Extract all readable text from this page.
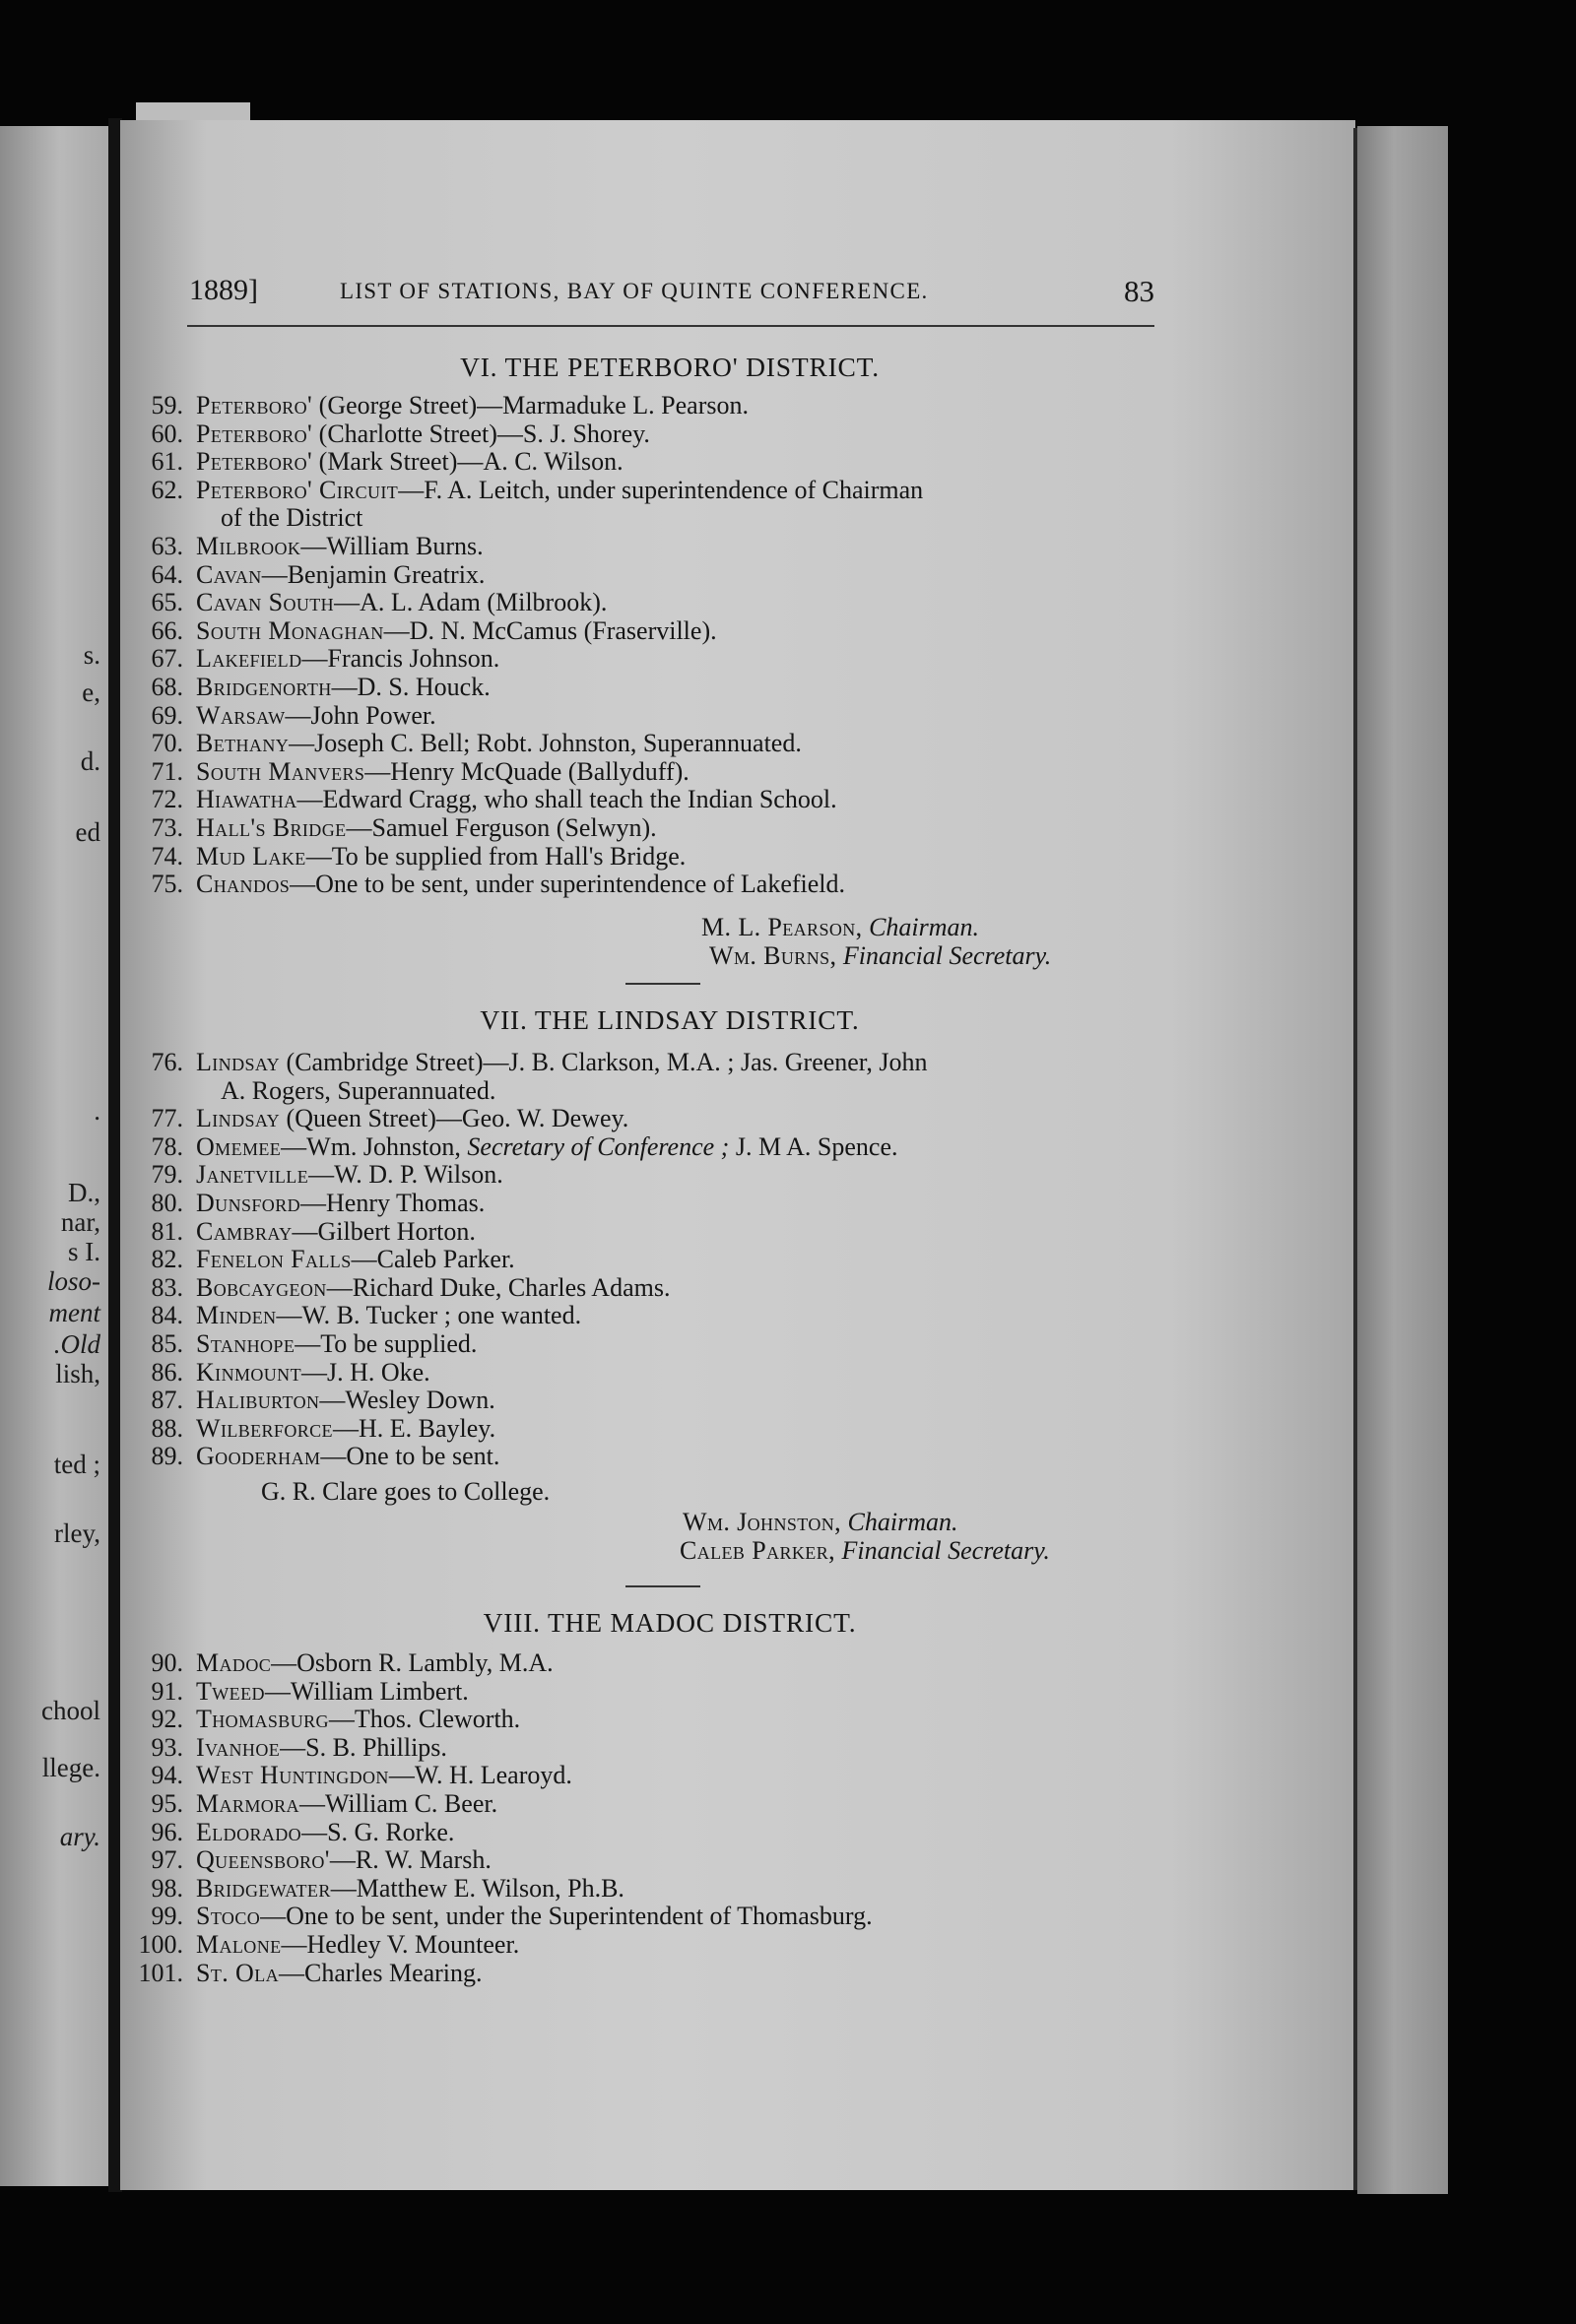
s.
e,
d.
ed
.
D.,
nar,
s I.
loso-
ment
.Old
lish,
ted ;
rley,
chool
llege.
ary.
1889]	LIST OF STATIONS, BAY OF QUINTE CONFERENCE.	83
VI. THE PETERBORO' DISTRICT.
59. Peterboro' (George Street)—Marmaduke L. Pearson.
60. Peterboro' (Charlotte Street)—S. J. Shorey.
61. Peterboro' (Mark Street)—A. C. Wilson.
62. Peterboro' Circuit—F. A. Leitch, under superintendence of Chairman
of the District
63. Milbrook—William Burns.
64. Cavan—Benjamin Greatrix.
65. Cavan South—A. L. Adam (Milbrook).
66. South Monaghan—D. N. McCamus (Fraserville).
67. Lakefield—Francis Johnson.
68. Bridgenorth—D. S. Houck.
69. Warsaw—John Power.
70. Bethany—Joseph C. Bell; Robt. Johnston, Superannuated.
71. South Manvers—Henry McQuade (Ballyduff).
72. Hiawatha—Edward Cragg, who shall teach the Indian School.
73. Hall's Bridge—Samuel Ferguson (Selwyn).
74. Mud Lake—To be supplied from Hall's Bridge.
75. Chandos—One to be sent, under superintendence of Lakefield.
M. L. Pearson, Chairman.
Wm. Burns, Financial Secretary.
VII. THE LINDSAY DISTRICT.
76. Lindsay (Cambridge Street)—J. B. Clarkson, M.A. ; Jas. Greener, John
A. Rogers, Superannuated.
77. Lindsay (Queen Street)—Geo. W. Dewey.
78. Omemee—Wm. Johnston, Secretary of Conference ; J. M A. Spence.
79. Janetville—W. D. P. Wilson.
80. Dunsford—Henry Thomas.
81. Cambray—Gilbert Horton.
82. Fenelon Falls—Caleb Parker.
83. Bobcaygeon—Richard Duke, Charles Adams.
84. Minden—W. B. Tucker ; one wanted.
85. Stanhope—To be supplied.
86. Kinmount—J. H. Oke.
87. Haliburton—Wesley Down.
88. Wilberforce—H. E. Bayley.
89. Gooderham—One to be sent.
G. R. Clare goes to College.
Wm. Johnston, Chairman.
Caleb Parker, Financial Secretary.
VIII. THE MADOC DISTRICT.
90. Madoc—Osborn R. Lambly, M.A.
91. Tweed—William Limbert.
92. Thomasburg—Thos. Cleworth.
93. Ivanhoe—S. B. Phillips.
94. West Huntingdon—W. H. Learoyd.
95. Marmora—William C. Beer.
96. Eldorado—S. G. Rorke.
97. Queensboro'—R. W. Marsh.
98. Bridgewater—Matthew E. Wilson, Ph.B.
99. Stoco—One to be sent, under the Superintendent of Thomasburg.
100. Malone—Hedley V. Mounteer.
101. St. Ola—Charles Mearing.
